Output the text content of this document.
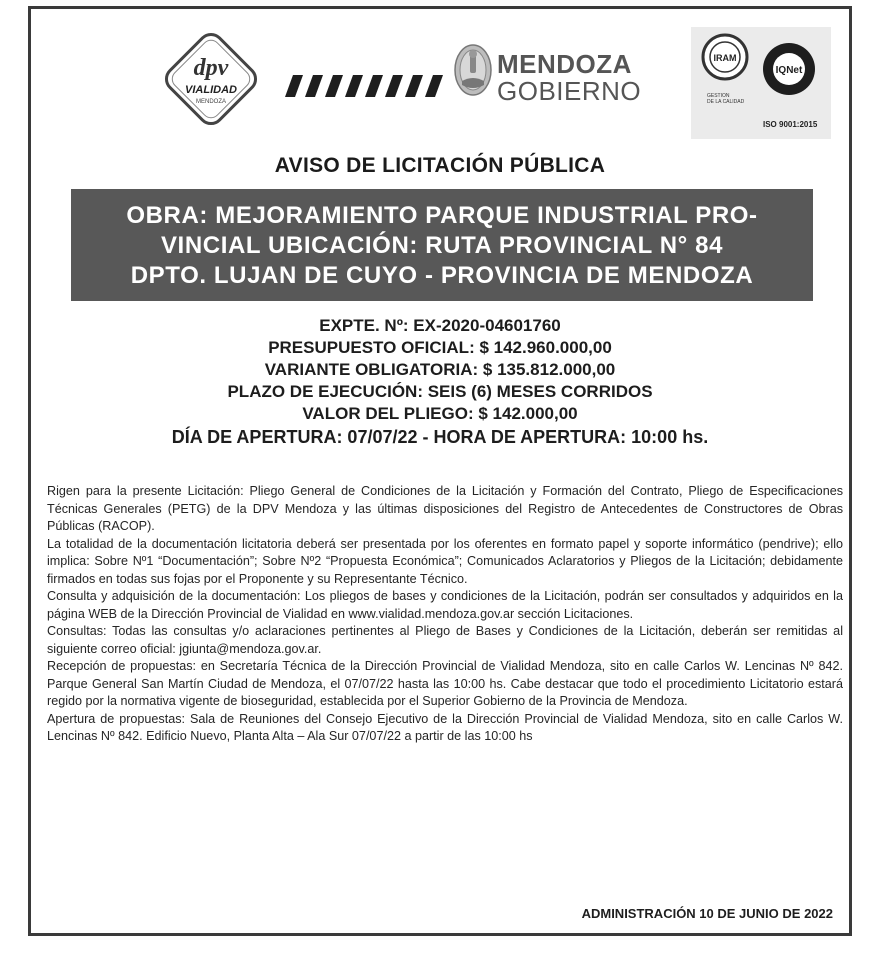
dpv
VIALIDAD
MENDOZA
MENDOZA
GOBIERNO
IRAM
IQNet
GESTION
DE LA CALIDAD
ISO 9001:2015
AVISO DE LICITACIÓN PÚBLICA
OBRA: MEJORAMIENTO PARQUE INDUSTRIAL PRO-
VINCIAL UBICACIÓN: RUTA PROVINCIAL N° 84
DPTO. LUJAN DE CUYO - PROVINCIA DE MENDOZA
EXPTE. Nº: EX-2020-04601760
PRESUPUESTO OFICIAL: $ 142.960.000,00
VARIANTE OBLIGATORIA: $ 135.812.000,00
PLAZO DE EJECUCIÓN: SEIS (6) MESES CORRIDOS
VALOR DEL PLIEGO: $ 142.000,00
DÍA DE APERTURA: 07/07/22 - HORA DE APERTURA: 10:00 hs.

Rigen para la presente Licitación: Pliego General de Condiciones de la Licitación y Formación del Contrato, Pliego de Especificaciones Técnicas Generales (PETG) de la DPV Mendoza y las últimas disposiciones del Registro de Antecedentes de Constructores de Obras Públicas (RACOP).

La totalidad de la documentación licitatoria deberá ser presentada por los oferentes en formato papel y soporte informático (pendrive); ello implica: Sobre Nº1 “Documentación”; Sobre Nº2 “Propuesta Económica”; Comunicados Aclaratorios y Pliegos de la Licitación; debidamente firmados en todas sus fojas por el Proponente y su Representante Técnico.

Consulta y adquisición de la documentación: Los pliegos de bases y condiciones de la Licitación, podrán ser consultados y adquiridos en la página WEB de la Dirección Provincial de Vialidad en www.vialidad.mendoza.gov.ar sección Licitaciones.

Consultas: Todas las consultas y/o aclaraciones pertinentes al Pliego de Bases y Condiciones de la Licitación, deberán ser remitidas al siguiente correo oficial: jgiunta@mendoza.gov.ar.

Recepción de propuestas: en Secretaría Técnica de la Dirección Provincial de Vialidad Mendoza, sito en calle Carlos W. Lencinas Nº 842. Parque General San Martín Ciudad de Mendoza, el 07/07/22 hasta las 10:00 hs. Cabe destacar que todo el procedimiento Licitatorio estará regido por la normativa vigente de bioseguridad, establecida por el Superior Gobierno de la Provincia de Mendoza.

Apertura de propuestas: Sala de Reuniones del Consejo Ejecutivo de la Dirección Provincial de Vialidad Mendoza, sito en calle Carlos W. Lencinas Nº 842. Edificio Nuevo, Planta Alta – Ala Sur 07/07/22 a partir de las 10:00 hs

ADMINISTRACIÓN 10 DE JUNIO DE 2022
